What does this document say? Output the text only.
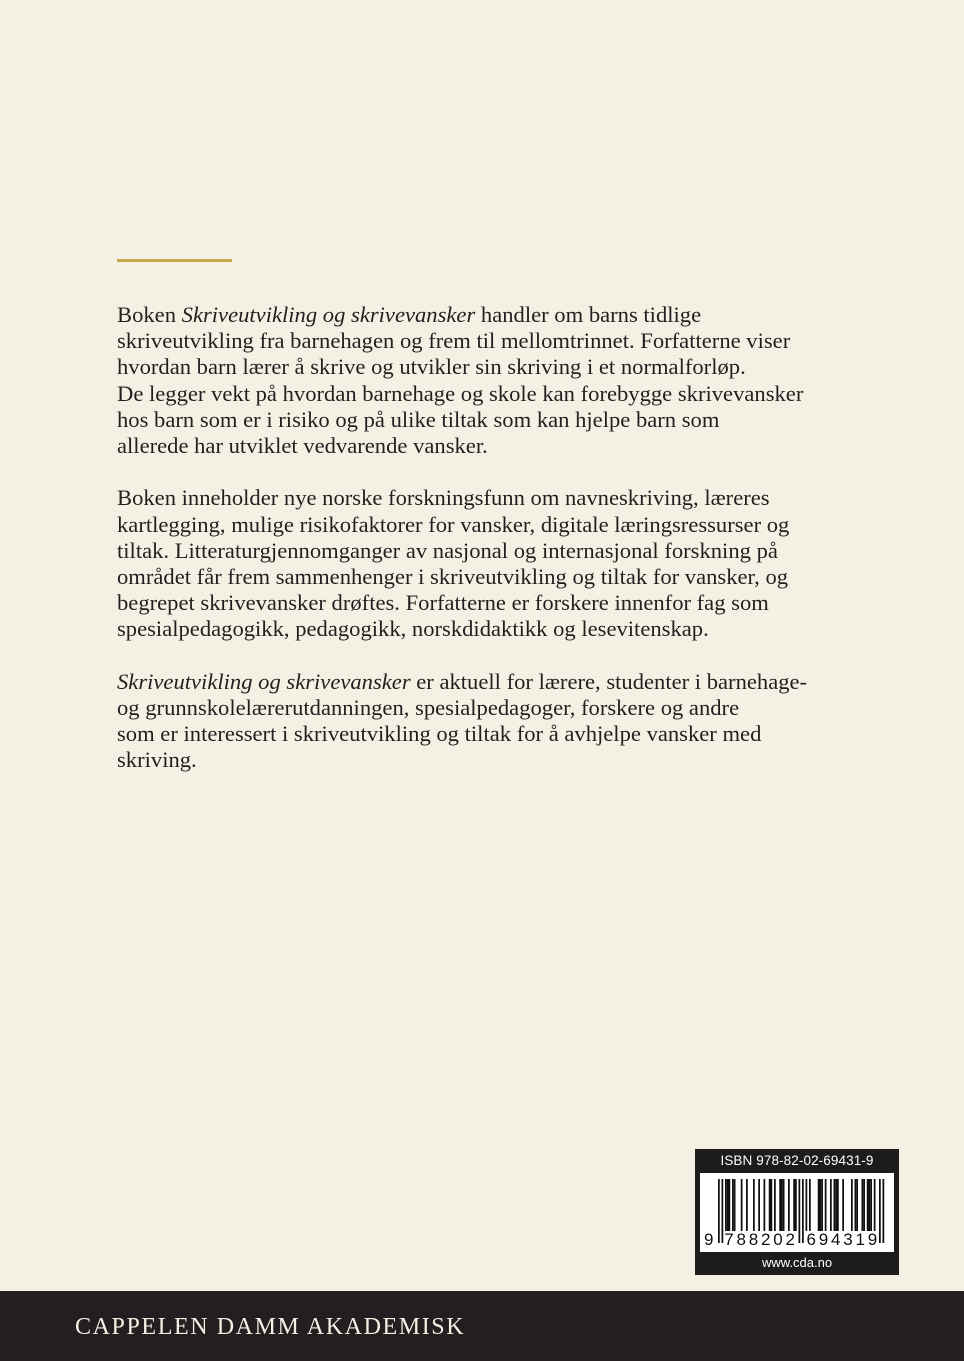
Boken Skriveutvikling og skrivevansker handler om barns tidlige
skriveutvikling fra barnehagen og frem til mellomtrinnet. Forfatterne viser
hvordan barn lærer å skrive og utvikler sin skriving i et normalforløp.
De legger vekt på hvordan barnehage og skole kan forebygge skrivevansker
hos barn som er i risiko og på ulike tiltak som kan hjelpe barn som
allerede har utviklet vedvarende vansker.

Boken inneholder nye norske forskningsfunn om navneskriving, læreres
kartlegging, mulige risikofaktorer for vansker, digitale læringsressurser og
tiltak. Litteraturgjennomganger av nasjonal og internasjonal forskning på
området får frem sammenhenger i skriveutvikling og tiltak for vansker, og
begrepet skrivevansker drøftes. Forfatterne er forskere innenfor fag som
spesialpedagogikk, pedagogikk, norskdidaktikk og lesevitenskap.

Skriveutvikling og skrivevansker er aktuell for lærere, studenter i barnehage-
og grunnskolelærerutdanningen, spesialpedagoger, forskere og andre
som er interessert i skriveutvikling og tiltak for å avhjelpe vansker med
skriving.

ISBN 978-82-02-69431-9
9 7 8 8 2 0 2 6 9 4 3 1 9
www.cda.no
CAPPELEN DAMM AKADEMISK
